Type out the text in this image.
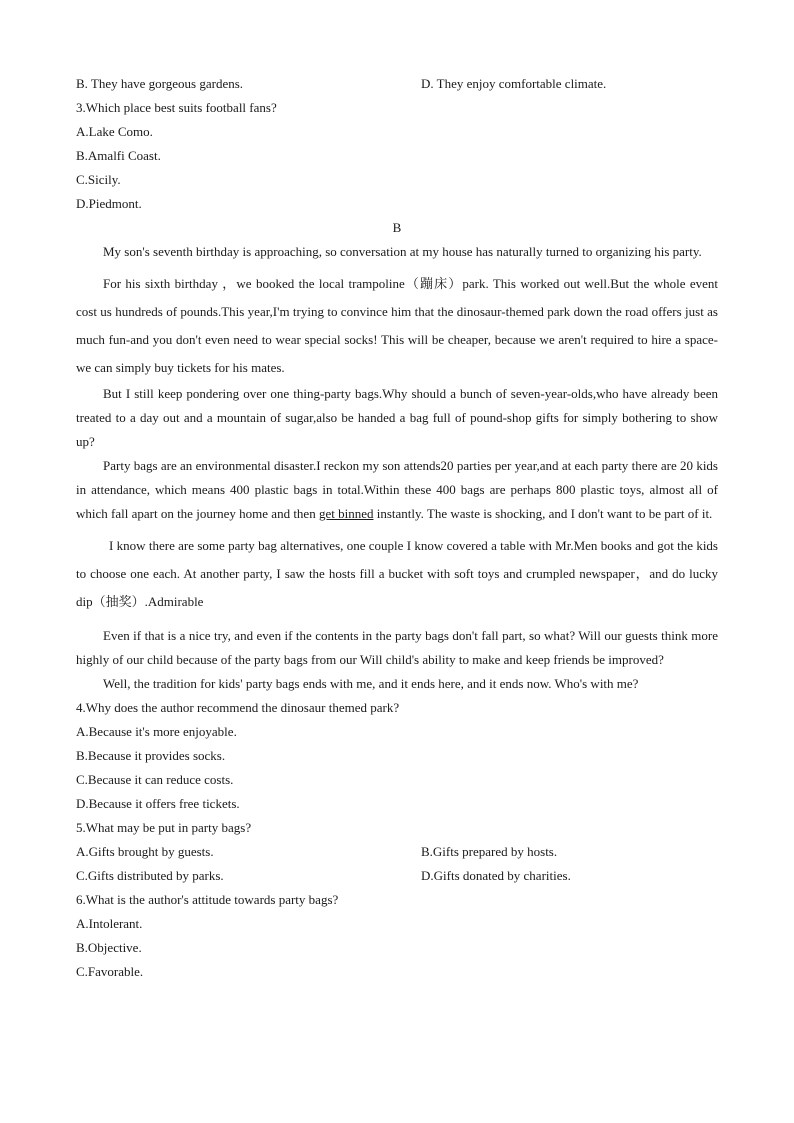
B. They have gorgeous gardens.	D. They enjoy comfortable climate.
3.Which place best suits football fans?
A.Lake Como.
B.Amalfi Coast.
C.Sicily.
D.Piedmont.
B

My son's seventh birthday is approaching, so conversation at my house has naturally turned to organizing his party.

For his sixth birthday ，we booked the local trampoline（蹦床）park. This worked out well.But the whole event cost us hundreds of pounds.This year,I'm trying to convince him that the dinosaur-themed park down the road offers just as much fun-and you don't even need to wear special socks! This will be cheaper, because we aren't required to hire a space-we can simply buy tickets for his mates.

But I still keep pondering over one thing-party bags.Why should a bunch of seven-year-olds,who have already been treated to a day out and a mountain of sugar,also be handed a bag full of pound-shop gifts for simply bothering to show up?

Party bags are an environmental disaster.I reckon my son attends20 parties per year,and at each party there are 20 kids in attendance, which means 400 plastic bags in total.Within these 400 bags are perhaps 800 plastic toys, almost all of which fall apart on the journey home and then get binned instantly. The waste is shocking, and I don't want to be part of it.

I know there are some party bag alternatives, one couple I know covered a table with Mr.Men books and got the kids to choose one each. At another party, I saw the hosts fill a bucket with soft toys and crumpled newspaper，and do lucky dip（抽奖）.Admirable

Even if that is a nice try, and even if the contents in the party bags don't fall part, so what? Will our guests think more highly of our child because of the party bags from our Will child's ability to make and keep friends be improved?

Well, the tradition for kids' party bags ends with me, and it ends here, and it ends now. Who's with me?

4.Why does the author recommend the dinosaur themed park?
A.Because it's more enjoyable.
B.Because it provides socks.
C.Because it can reduce costs.
D.Because it offers free tickets.
5.What may be put in party bags?
A.Gifts brought by guests.	B.Gifts prepared by hosts.
C.Gifts distributed by parks.	D.Gifts donated by charities.
6.What is the author's attitude towards party bags?
A.Intolerant.
B.Objective.
C.Favorable.
